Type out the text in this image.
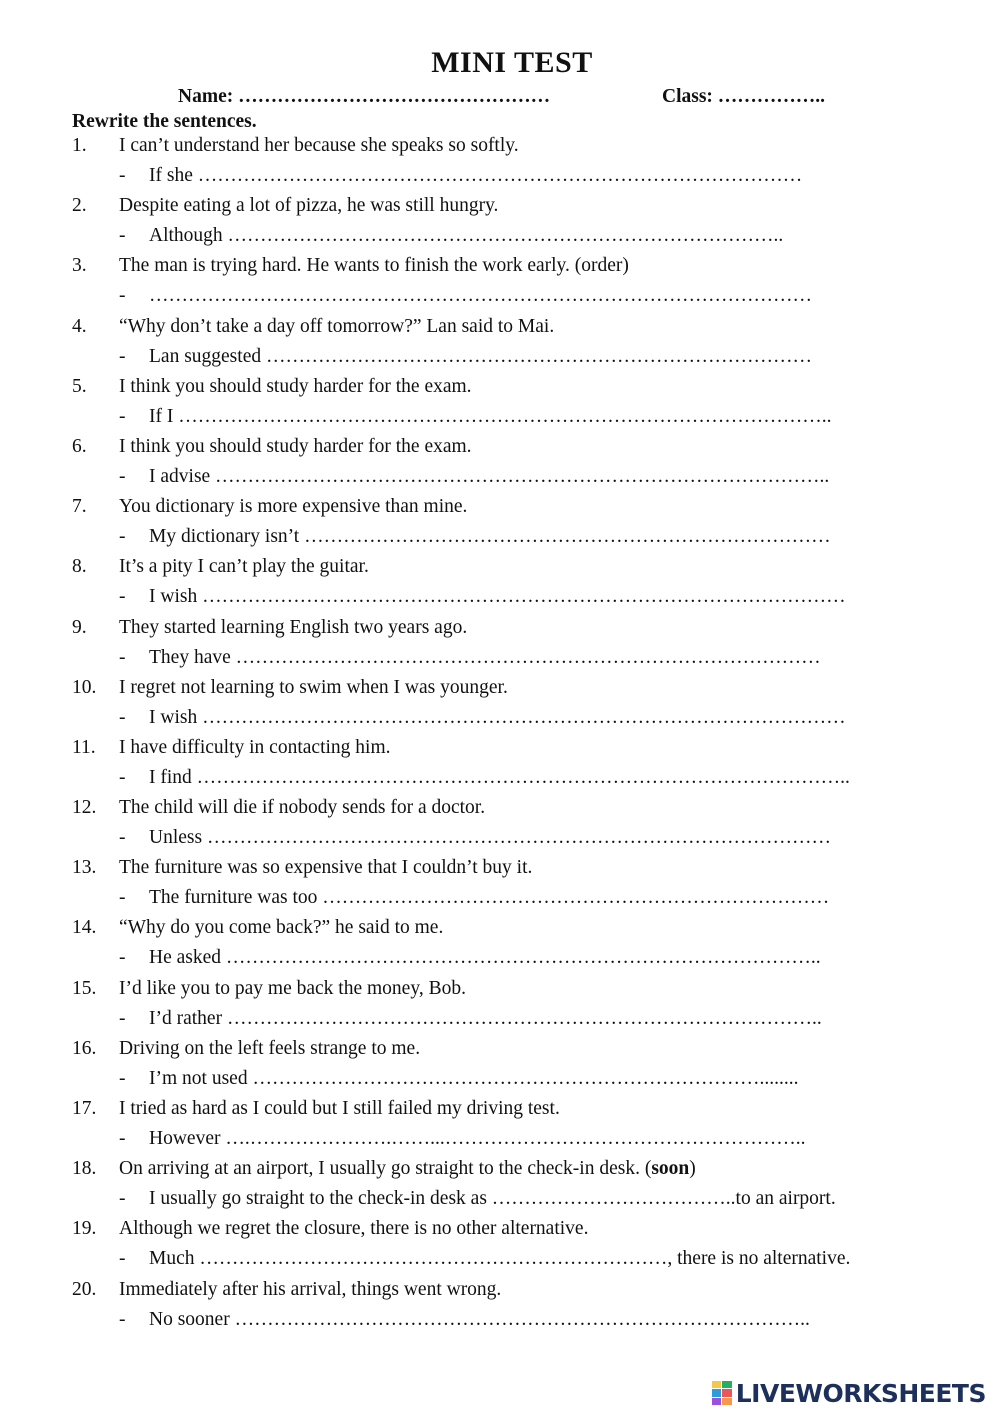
MINI TEST
Name: …………………………………………	Class: ……………..
Rewrite the sentences.
1. I can’t understand her because she speaks so softly.
- If she …………………………………………………………………………………
2. Despite eating a lot of pizza, he was still hungry.
- Although …………………………………………………………………………..
3. The man is trying hard. He wants to finish the work early. (order)
- …………………………………………………………………………………………
4. “Why don’t take a day off tomorrow?” Lan said to Mai.
- Lan suggested …………………………………………………………………………
5. I think you should study harder for the exam.
- If I ………………………………………………………………………………………..
6. I think you should study harder for the exam.
- I advise …………………………………………………………………………………..
7. You dictionary is more expensive than mine.
- My dictionary isn’t ………………………………………………………………………
8. It’s a pity I can’t play the guitar.
- I wish ………………………………………………………………………………………
9. They started learning English two years ago.
- They have ………………………………………………………………………………
10. I regret not learning to swim when I was younger.
- I wish ………………………………………………………………………………………
11. I have difficulty in contacting him.
- I find ………………………………………………………………………………………..
12. The child will die if nobody sends for a doctor.
- Unless ……………………………………………………………………………………
13. The furniture was so expensive that I couldn’t buy it.
- The furniture was too ……………………………………………………………………
14. “Why do you come back?” he said to me.
- He asked ………………………………………………………………………………..
15. I’d like you to pay me back the money, Bob.
- I’d rather ………………………………………………………………………………..
16. Driving on the left feels strange to me.
- I’m not used ……………………………………………………………………........
17. I tried as hard as I could but I still failed my driving test.
- However ….………………….……...………………………………………………..
18. On arriving at an airport, I usually go straight to the check-in desk. (soon)
- I usually go straight to the check-in desk as ………………………………..to an airport.
19. Although we regret the closure, there is no other alternative.
- Much ………………………………………………………………, there is no alternative.
20. Immediately after his arrival, things went wrong.
- No sooner ……………………………………………………………………………..
LIVEWORKSHEETS
